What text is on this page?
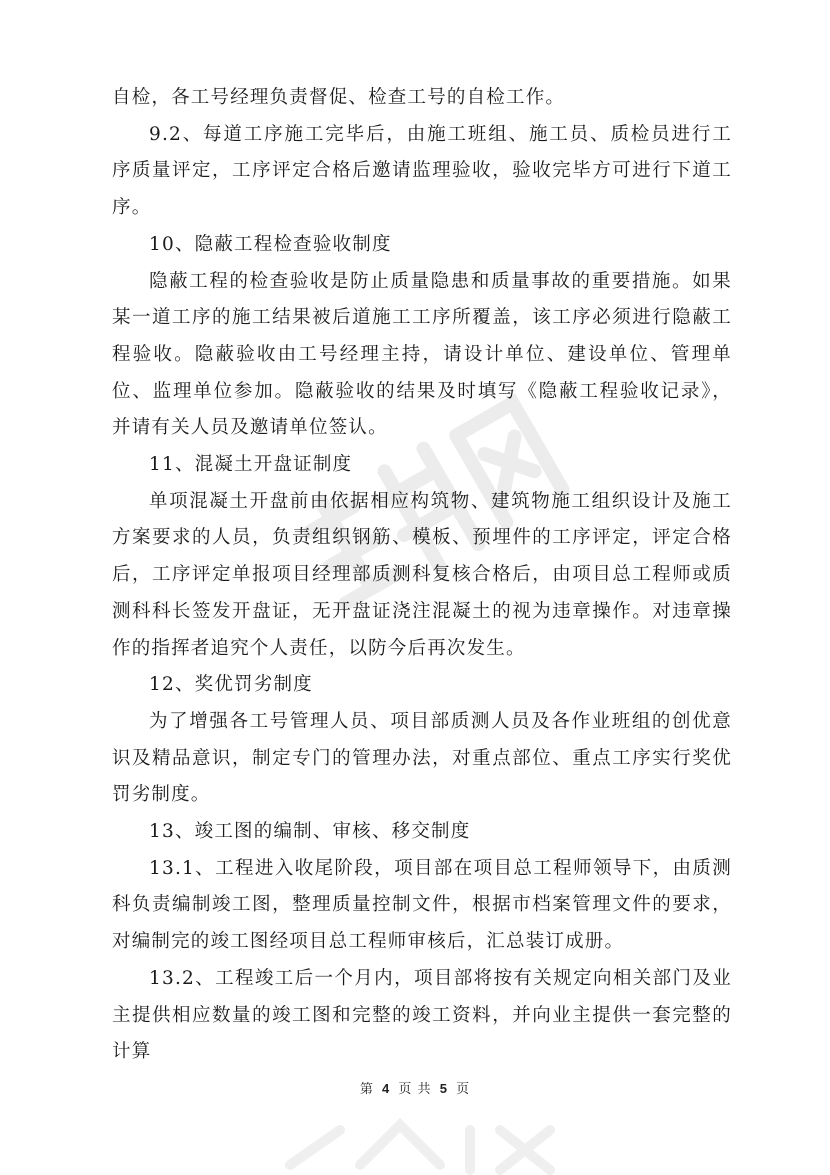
自检，各工号经理负责督促、检查工号的自检工作。

9.2、每道工序施工完毕后，由施工班组、施工员、质检员进行工序质量评定，工序评定合格后邀请监理验收，验收完毕方可进行下道工序。

10、隐蔽工程检查验收制度

隐蔽工程的检查验收是防止质量隐患和质量事故的重要措施。如果某一道工序的施工结果被后道施工工序所覆盖，该工序必须进行隐蔽工程验收。隐蔽验收由工号经理主持，请设计单位、建设单位、管理单位、监理单位参加。隐蔽验收的结果及时填写《隐蔽工程验收记录》，并请有关人员及邀请单位签认。

11、混凝土开盘证制度

单项混凝土开盘前由依据相应构筑物、建筑物施工组织设计及施工方案要求的人员，负责组织钢筋、模板、预埋件的工序评定，评定合格后，工序评定单报项目经理部质测科复核合格后，由项目总工程师或质测科科长签发开盘证，无开盘证浇注混凝土的视为违章操作。对违章操作的指挥者追究个人责任，以防今后再次发生。

12、奖优罚劣制度

为了增强各工号管理人员、项目部质测人员及各作业班组的创优意识及精品意识，制定专门的管理办法，对重点部位、重点工序实行奖优罚劣制度。

13、竣工图的编制、审核、移交制度

13.1、工程进入收尾阶段，项目部在项目总工程师领导下，由质测科负责编制竣工图，整理质量控制文件，根据市档案管理文件的要求，对编制完的竣工图经项目总工程师审核后，汇总装订成册。

13.2、工程竣工后一个月内，项目部将按有关规定向相关部门及业主提供相应数量的竣工图和完整的竣工资料，并向业主提供一套完整的计算

第 4 页 共 5 页
